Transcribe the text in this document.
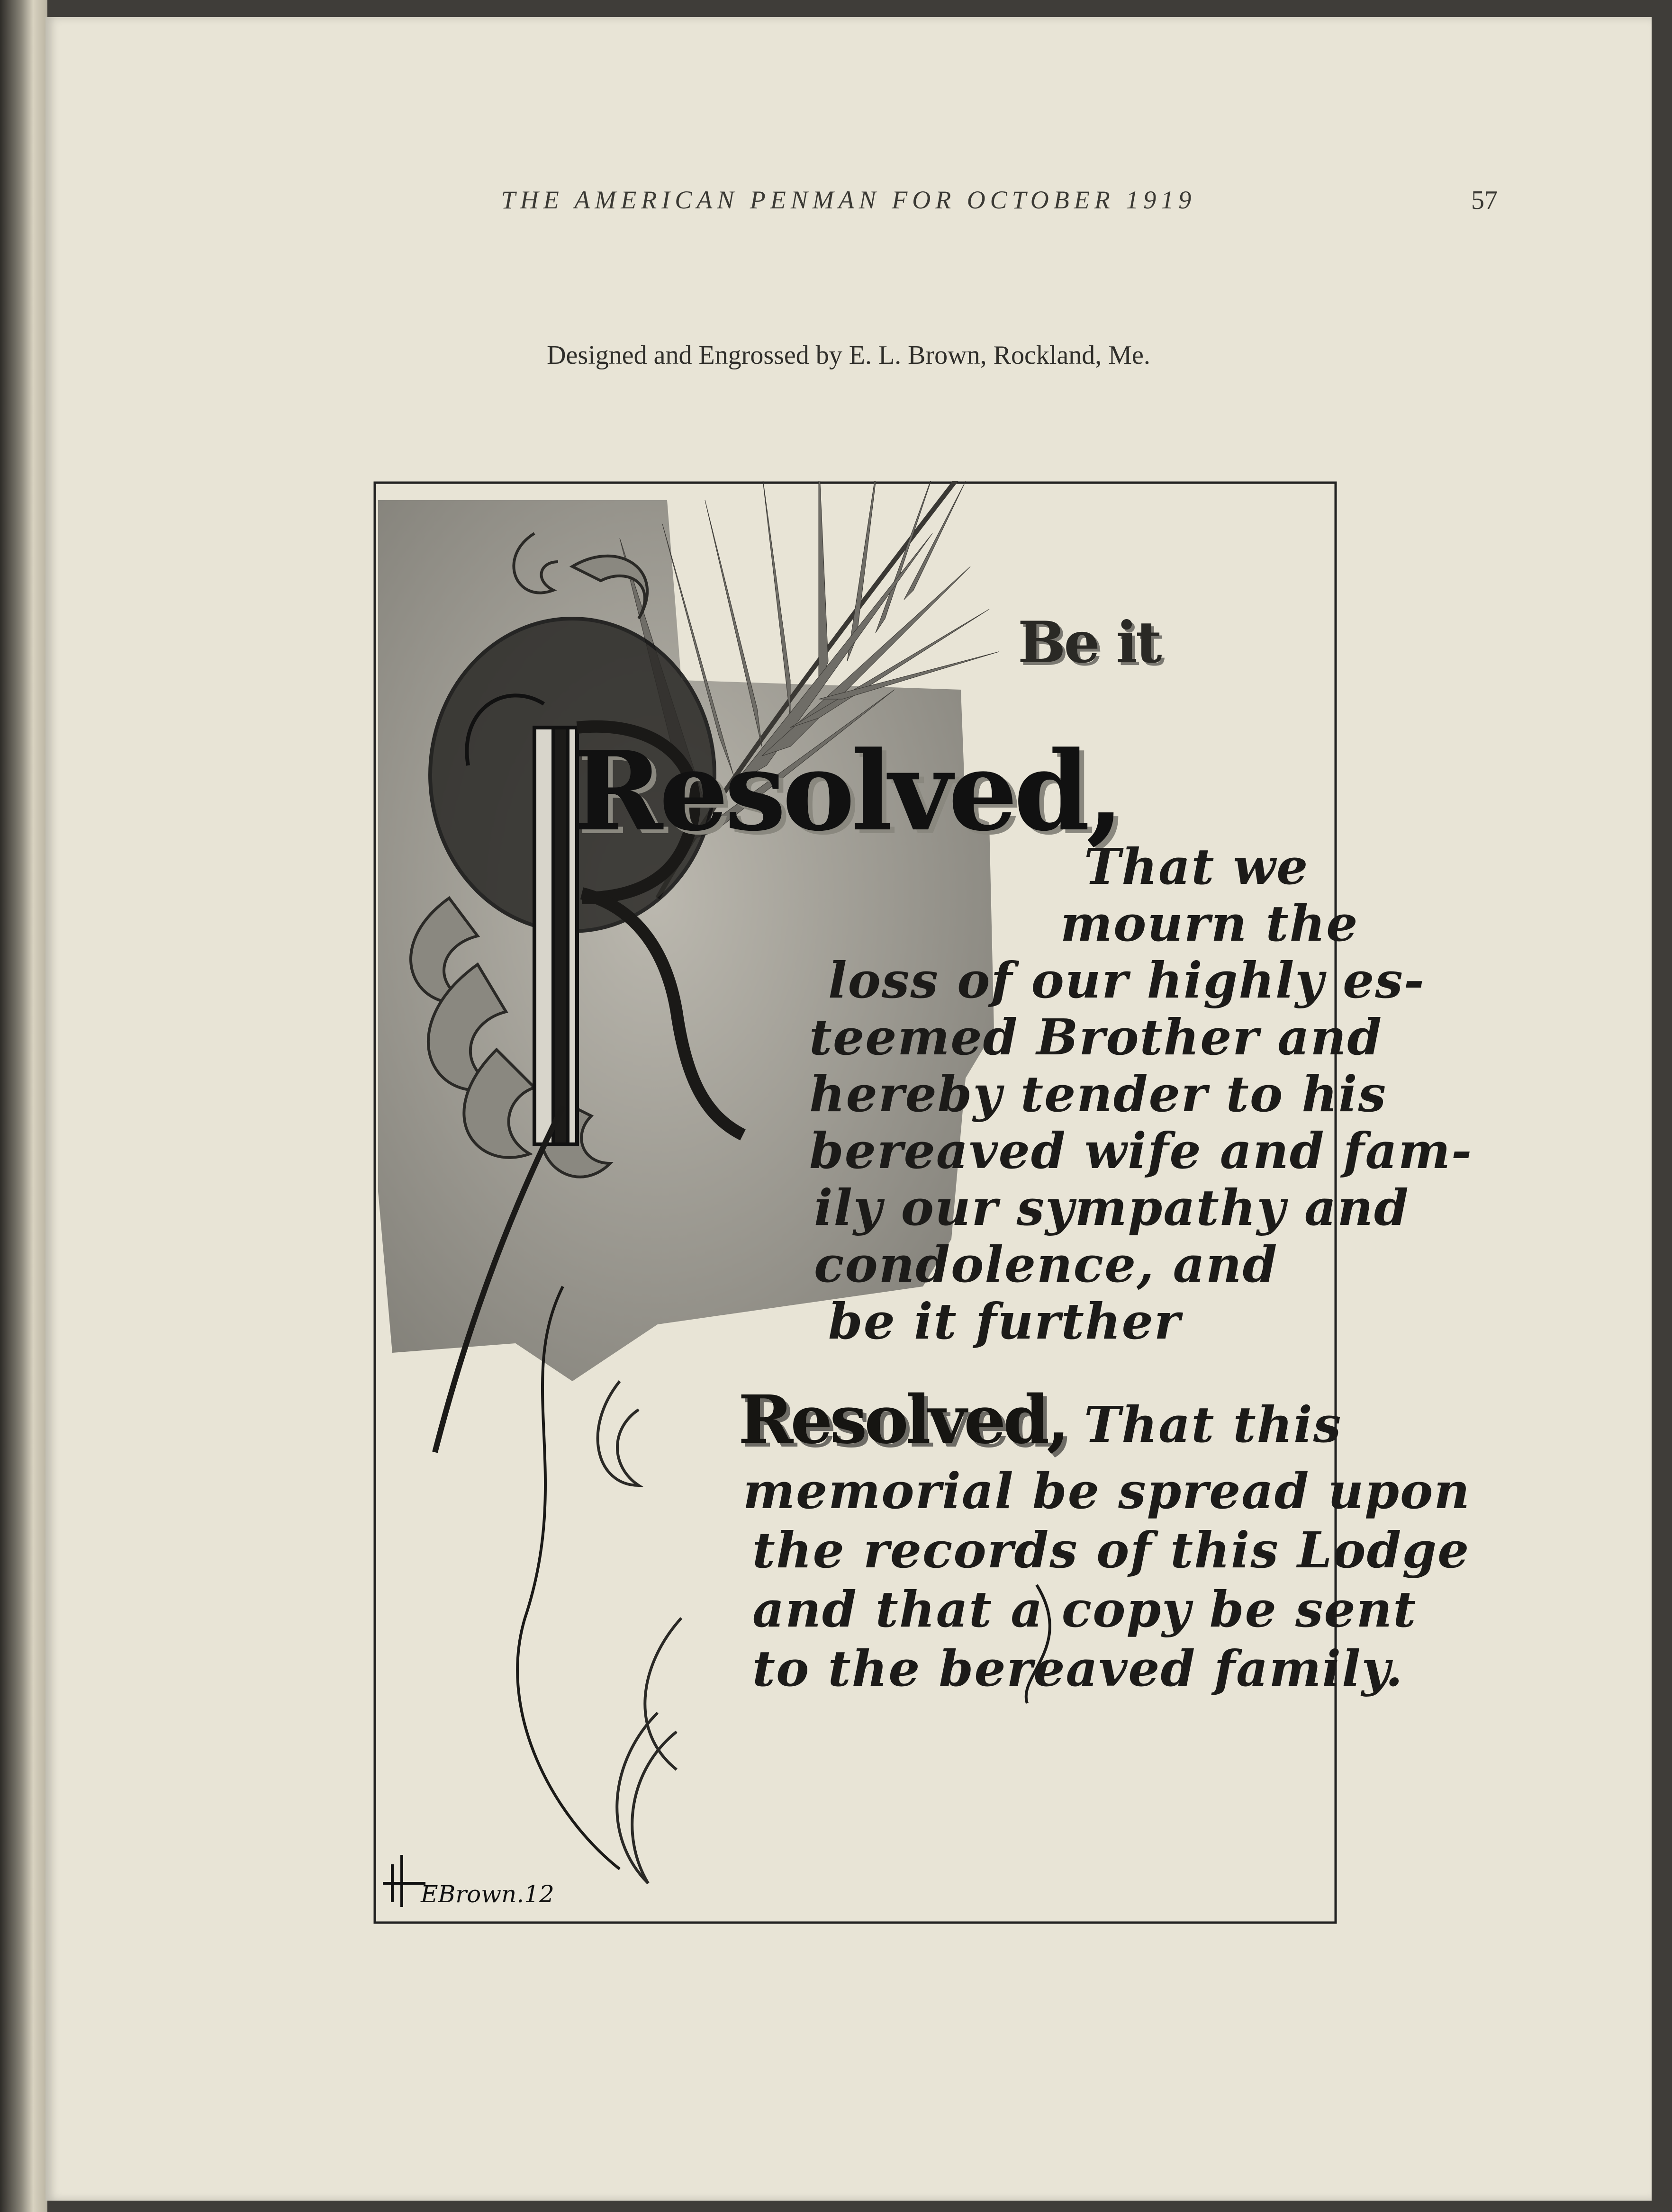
THE AMERICAN PENMAN FOR OCTOBER 1919	57
Designed and Engrossed by E. L. Brown, Rockland, Me.
EBrown.12
Be it
Resolved,
That we
mourn the
loss of our highly es-
teemed Brother and
hereby tender to his
bereaved wife and fam-
ily our sympathy and
condolence, and
be it further
Resolved, That this
memorial be spread upon
the records of this Lodge
and that a copy be sent
to the bereaved family.
